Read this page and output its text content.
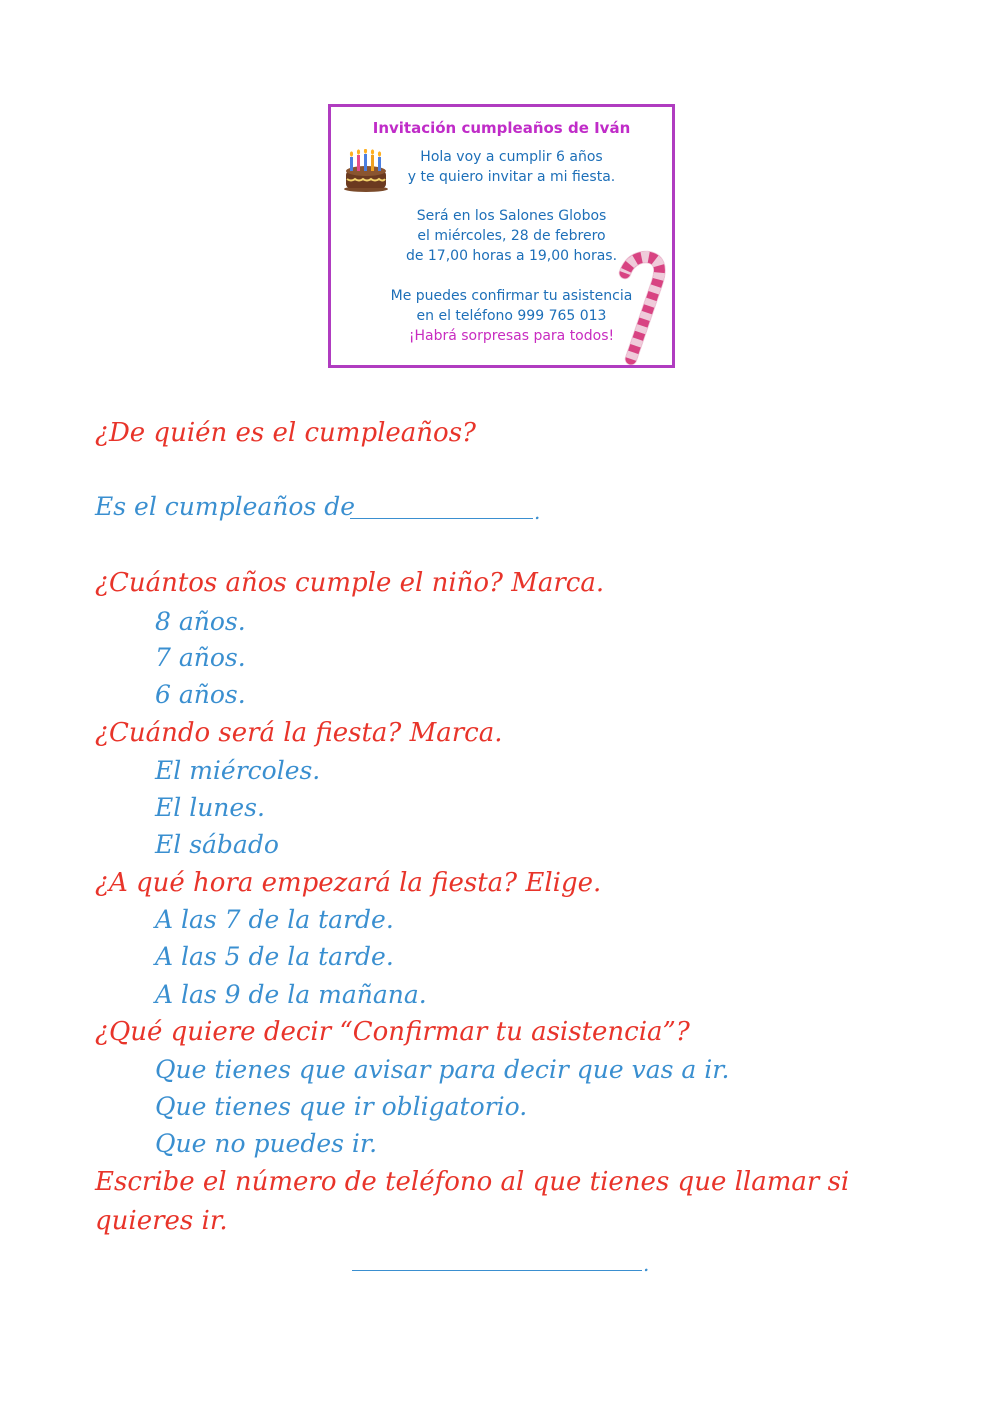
Invitación cumpleaños de Iván
Hola voy a cumplir 6 años
y te quiero invitar a mi fiesta.
Será en los Salones Globos
el miércoles, 28 de febrero
de 17,00 horas a 19,00 horas.
Me puedes confirmar tu asistencia
en el teléfono 999 765 013
¡Habrá sorpresas para todos!
¿De quién es el cumpleaños?
Es el cumpleaños de	.
¿Cuántos años cumple el niño? Marca.
8 años.
7 años.
6 años.
¿Cuándo será la fiesta? Marca.
El miércoles.
El lunes.
El sábado
¿A qué hora empezará la fiesta? Elige.
A las 7 de la tarde.
A las 5 de la tarde.
A las 9 de la mañana.
¿Qué quiere decir “Confirmar tu asistencia”?
Que tienes que avisar para decir que vas a ir.
Que tienes que ir obligatorio.
Que no puedes ir.
Escribe el número de teléfono al que tienes que llamar si
quieres ir.
.
